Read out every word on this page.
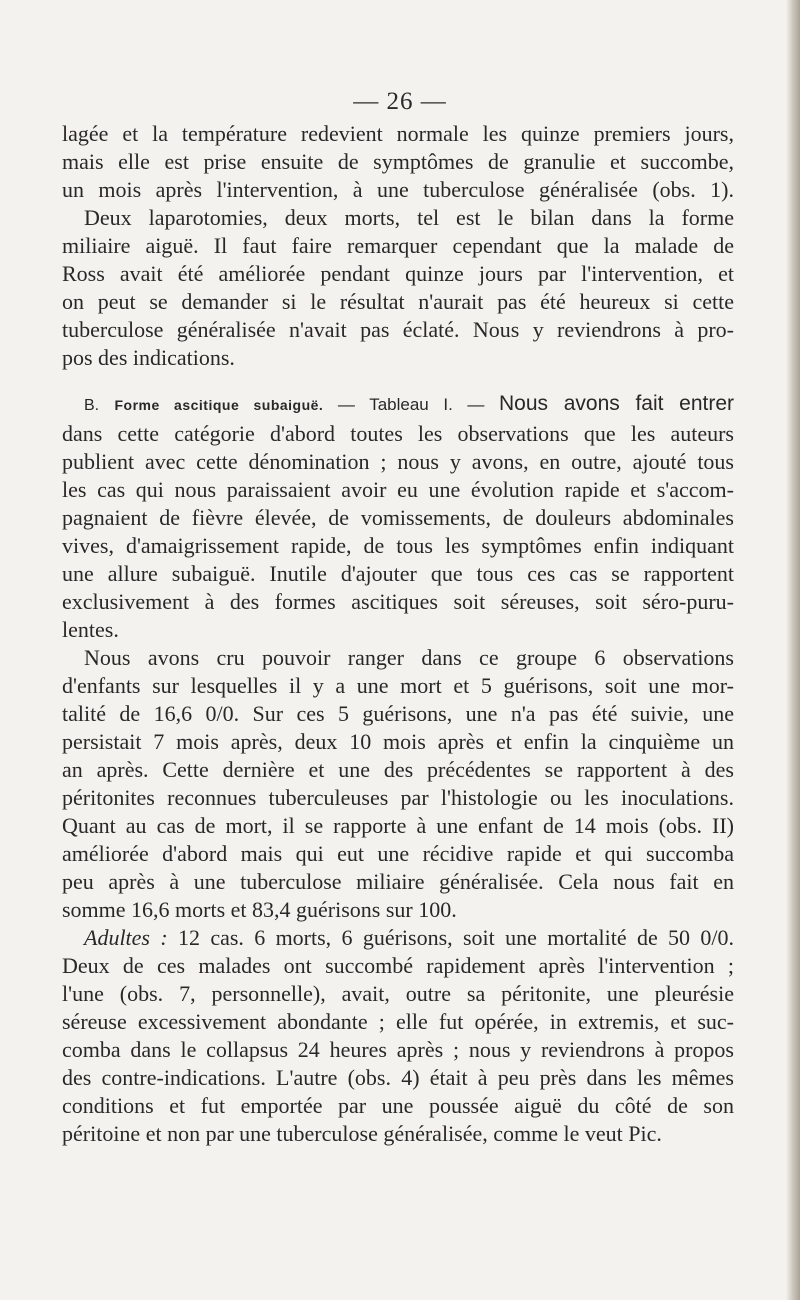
— 26 —

lagée et la température redevient normale les quinze premiers jours,

mais elle est prise ensuite de symptômes de granulie et succombe,

un mois après l'intervention, à une tuberculose généralisée (obs. 1).

Deux laparotomies, deux morts, tel est le bilan dans la forme

miliaire aiguë. Il faut faire remarquer cependant que la malade de

Ross avait été améliorée pendant quinze jours par l'intervention, et

on peut se demander si le résultat n'aurait pas été heureux si cette

tuberculose généralisée n'avait pas éclaté. Nous y reviendrons à pro-

pos des indications.

B. Forme ascitique subaiguë. — Tableau I. — Nous avons fait entrer

dans cette catégorie d'abord toutes les observations que les auteurs

publient avec cette dénomination ; nous y avons, en outre, ajouté tous

les cas qui nous paraissaient avoir eu une évolution rapide et s'accom-

pagnaient de fièvre élevée, de vomissements, de douleurs abdominales

vives, d'amaigrissement rapide, de tous les symptômes enfin indiquant

une allure subaiguë. Inutile d'ajouter que tous ces cas se rapportent

exclusivement à des formes ascitiques soit séreuses, soit séro-puru-

lentes.

Nous avons cru pouvoir ranger dans ce groupe 6 observations

d'enfants sur lesquelles il y a une mort et 5 guérisons, soit une mor-

talité de 16,6 0/0. Sur ces 5 guérisons, une n'a pas été suivie, une

persistait 7 mois après, deux 10 mois après et enfin la cinquième un

an après. Cette dernière et une des précédentes se rapportent à des

péritonites reconnues tuberculeuses par l'histologie ou les inoculations.

Quant au cas de mort, il se rapporte à une enfant de 14 mois (obs. II)

améliorée d'abord mais qui eut une récidive rapide et qui succomba

peu après à une tuberculose miliaire généralisée. Cela nous fait en

somme 16,6 morts et 83,4 guérisons sur 100.

Adultes : 12 cas. 6 morts, 6 guérisons, soit une mortalité de 50 0/0.

Deux de ces malades ont succombé rapidement après l'intervention ;

l'une (obs. 7, personnelle), avait, outre sa péritonite, une pleurésie

séreuse excessivement abondante ; elle fut opérée, in extremis, et suc-

comba dans le collapsus 24 heures après ; nous y reviendrons à propos

des contre-indications. L'autre (obs. 4) était à peu près dans les mêmes

conditions et fut emportée par une poussée aiguë du côté de son

péritoine et non par une tuberculose généralisée, comme le veut Pic.
